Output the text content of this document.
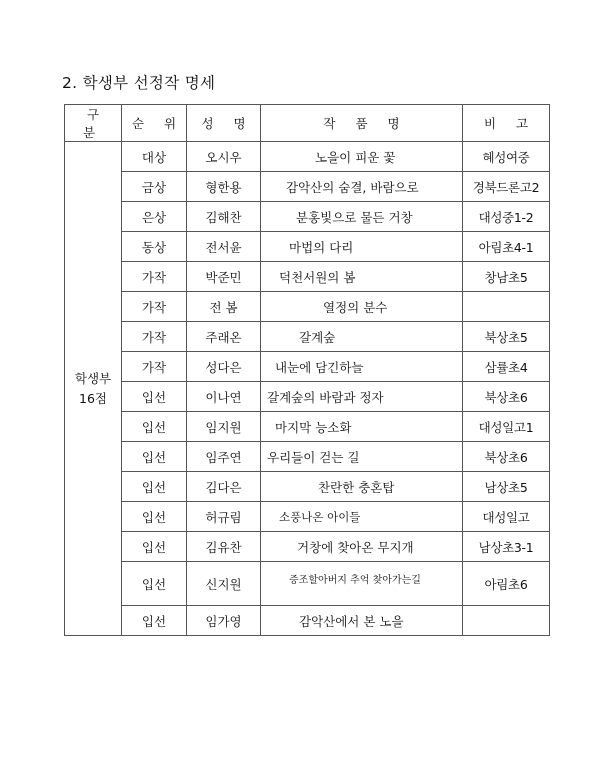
2. 학생부 선정작 명세
구 분	순 위	성 명	작 품 명	비 고

학생부
16점	대상	오시우	노을이 피운 꽃	혜성여중
	금상	형한용	감악산의 숨결, 바람으로	경북드론고2
	은상	김해찬	분홍빛으로 물든 거창	대성중1-2
	동상	전서윤	마법의 다리	아림초4-1
	가작	박준민	덕천서원의 봄	창남초5
	가작	전 봄	열정의 분수	

	가작	주래온	갈계숲	북상초5
	가작	성다은	내눈에 담긴하늘	삼률초4
	입선	이나연	갈계숲의 바람과 정자	북상초6
	입선	임지원	마지막 능소화	대성일고1
	입선	임주연	우리들이 걷는 길	북상초6
	입선	김다은	찬란한 충혼탑	남상초5
	입선	허규림	소풍나온 아이들	대성일고
	입선	김유찬	거창에 찾아온 무지개	남상초3-1
	입선	신지원	증조할아버지 추억 찾아가는길	아림초6
	입선	임가영	감악산에서 본 노을	
